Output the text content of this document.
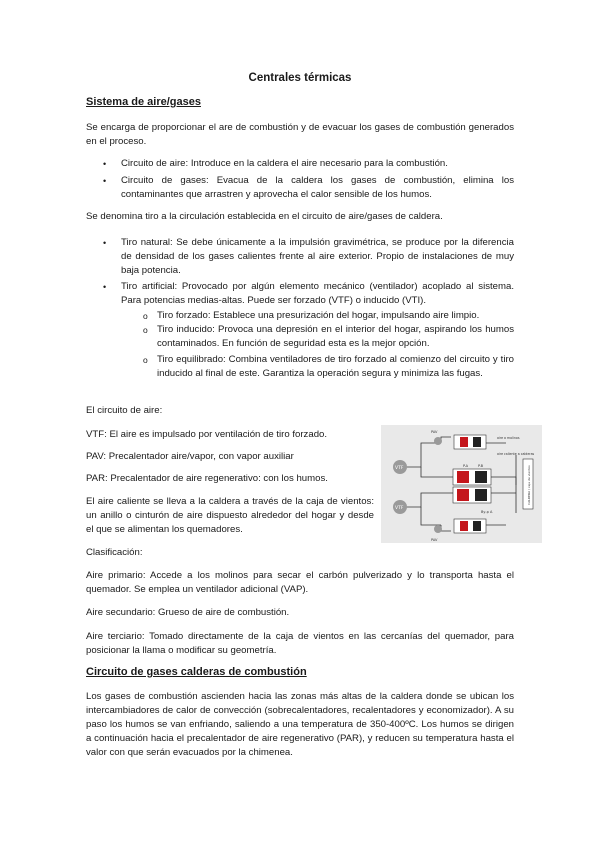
Centrales térmicas
Sistema de aire/gases

Se encarga de proporcionar el are de combustión y de evacuar los gases de combustión generados en el proceso.

• Circuito de aire: Introduce en la caldera el aire necesario para la combustión.

• Circuito de gases: Evacua de la caldera los gases de combustión, elimina los contaminantes que arrastren y aprovecha el calor sensible de los humos.

Se denomina tiro a la circulación establecida en el circuito de aire/gases de caldera.

• Tiro natural: Se debe únicamente a la impulsión gravimétrica, se produce por la diferencia de densidad de los gases calientes frente al aire exterior. Propio de instalaciones de muy baja potencia.

• Tiro artificial: Provocado por algún elemento mecánico (ventilador) acoplado al sistema. Para potencias medias-altas. Puede ser forzado (VTF) o inducido (VTI).

o Tiro forzado: Establece una presurización del hogar, impulsando aire limpio.

o Tiro inducido: Provoca una depresión en el interior del hogar, aspirando los humos contaminados. En función de seguridad esta es la mejor opción.

o Tiro equilibrado: Combina ventiladores de tiro forzado al comienzo del circuito y tiro inducido al final de este. Garantiza la operación segura y minimiza las fugas.

El circuito de aire:

VTF: El aire es impulsado por ventilación de tiro forzado.

PAV: Precalentador aire/vapor, con vapor auxiliar

PAR: Precalentador de aire regenerativo: con los humos.

El aire caliente se lleva a la caldera a través de la caja de vientos: un anillo o cinturón de aire dispuesto alrededor del hogar y desde el que se alimentan los quemadores.

VTF
VTF
P.A	P.B
By-p A
aire a molinos
aire caliente a calderas
CALDERA / caja de vientos
PAV
PAV

Clasificación:

Aire primario: Accede a los molinos para secar el carbón pulverizado y lo transporta hasta el quemador. Se emplea un ventilador adicional (VAP).

Aire secundario: Grueso de aire de combustión.

Aire terciario: Tomado directamente de la caja de vientos en las cercanías del quemador, para posicionar la llama o modificar su geometría.

Circuito de gases calderas de combustión

Los gases de combustión ascienden hacia las zonas más altas de la caldera donde se ubican los intercambiadores de calor de convección (sobrecalentadores, recalentadores y economizador). A su paso los humos se van enfriando, saliendo a una temperatura de 350-400ºC. Los humos se dirigen a continuación hacia el precalentador de aire regenerativo (PAR), y reducen su temperatura hasta el valor con que serán evacuados por la chimenea.
